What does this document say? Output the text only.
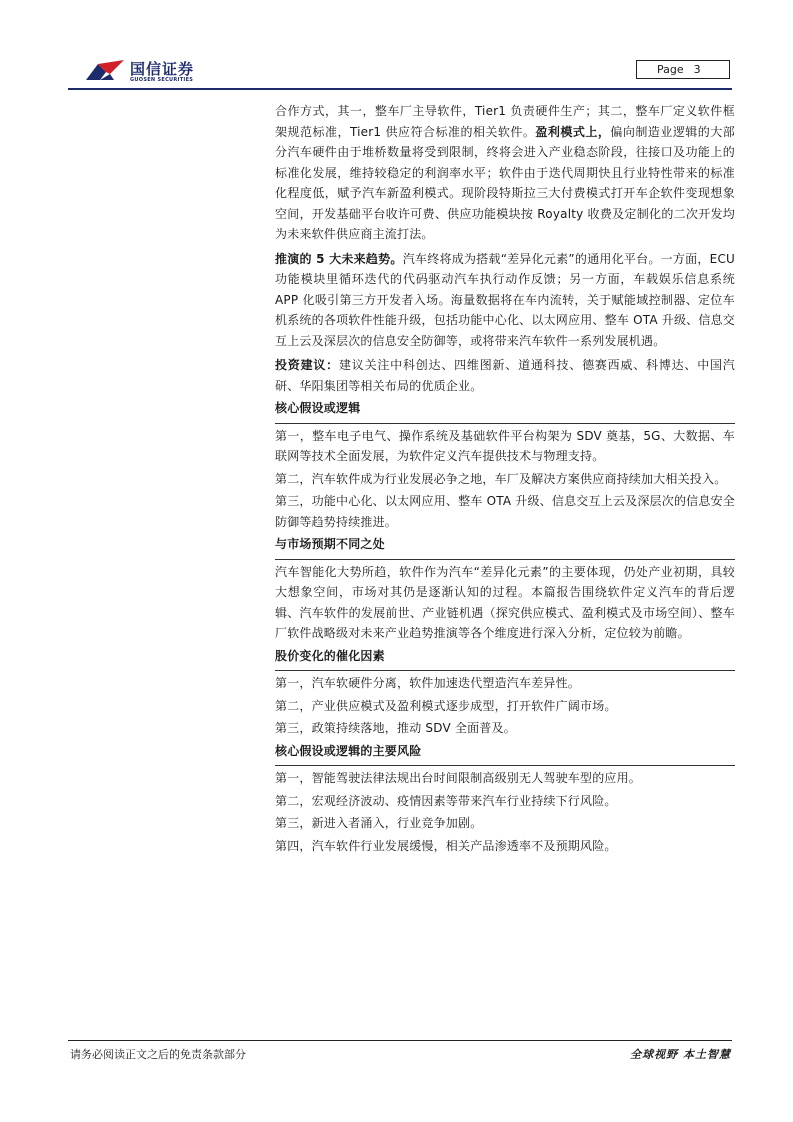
国信证券
GUOSEN SECURITIES
Page 3

合作方式，其一，整车厂主导软件，Tier1 负责硬件生产；其二，整车厂定义软件框架规范标准，Tier1 供应符合标准的相关软件。盈利模式上，偏向制造业逻辑的大部分汽车硬件由于堆桥数量将受到限制，终将会进入产业稳态阶段，往接口及功能上的标准化发展，维持较稳定的利润率水平；软件由于迭代周期快且行业特性带来的标准化程度低，赋予汽车新盈利模式。现阶段特斯拉三大付费模式打开车企软件变现想象空间，开发基础平台收许可费、供应功能模块按 Royalty 收费及定制化的二次开发均为未来软件供应商主流打法。

推演的 5 大未来趋势。汽车终将成为搭载“差异化元素”的通用化平台。一方面，ECU 功能模块里循环迭代的代码驱动汽车执行动作反馈；另一方面，车载娱乐信息系统 APP 化吸引第三方开发者入场。海量数据将在车内流转，关于赋能域控制器、定位车机系统的各项软件性能升级，包括功能中心化、以太网应用、整车 OTA 升级、信息交互上云及深层次的信息安全防御等，或将带来汽车软件一系列发展机遇。

投资建议：建议关注中科创达、四维图新、道通科技、德赛西威、科博达、中国汽研、华阳集团等相关布局的优质企业。

核心假设或逻辑

第一，整车电子电气、操作系统及基础软件平台构架为 SDV 奠基，5G、大数据、车联网等技术全面发展，为软件定义汽车提供技术与物理支持。

第二，汽车软件成为行业发展必争之地，车厂及解决方案供应商持续加大相关投入。

第三，功能中心化、以太网应用、整车 OTA 升级、信息交互上云及深层次的信息安全防御等趋势持续推进。

与市场预期不同之处

汽车智能化大势所趋，软件作为汽车“差异化元素”的主要体现，仍处产业初期，具较大想象空间，市场对其仍是逐渐认知的过程。本篇报告围绕软件定义汽车的背后逻辑、汽车软件的发展前世、产业链机遇（探究供应模式、盈利模式及市场空间）、整车厂软件战略级对未来产业趋势推演等各个维度进行深入分析，定位较为前瞻。

股价变化的催化因素

第一，汽车软硬件分离，软件加速迭代塑造汽车差异性。

第二，产业供应模式及盈利模式逐步成型，打开软件广阔市场。

第三，政策持续落地，推动 SDV 全面普及。

核心假设或逻辑的主要风险

第一，智能驾驶法律法规出台时间限制高级别无人驾驶车型的应用。

第二，宏观经济波动、疫情因素等带来汽车行业持续下行风险。

第三，新进入者涌入，行业竞争加剧。

第四，汽车软件行业发展缓慢，相关产品渗透率不及预期风险。

请务必阅读正文之后的免责条款部分	全球视野 本土智慧
